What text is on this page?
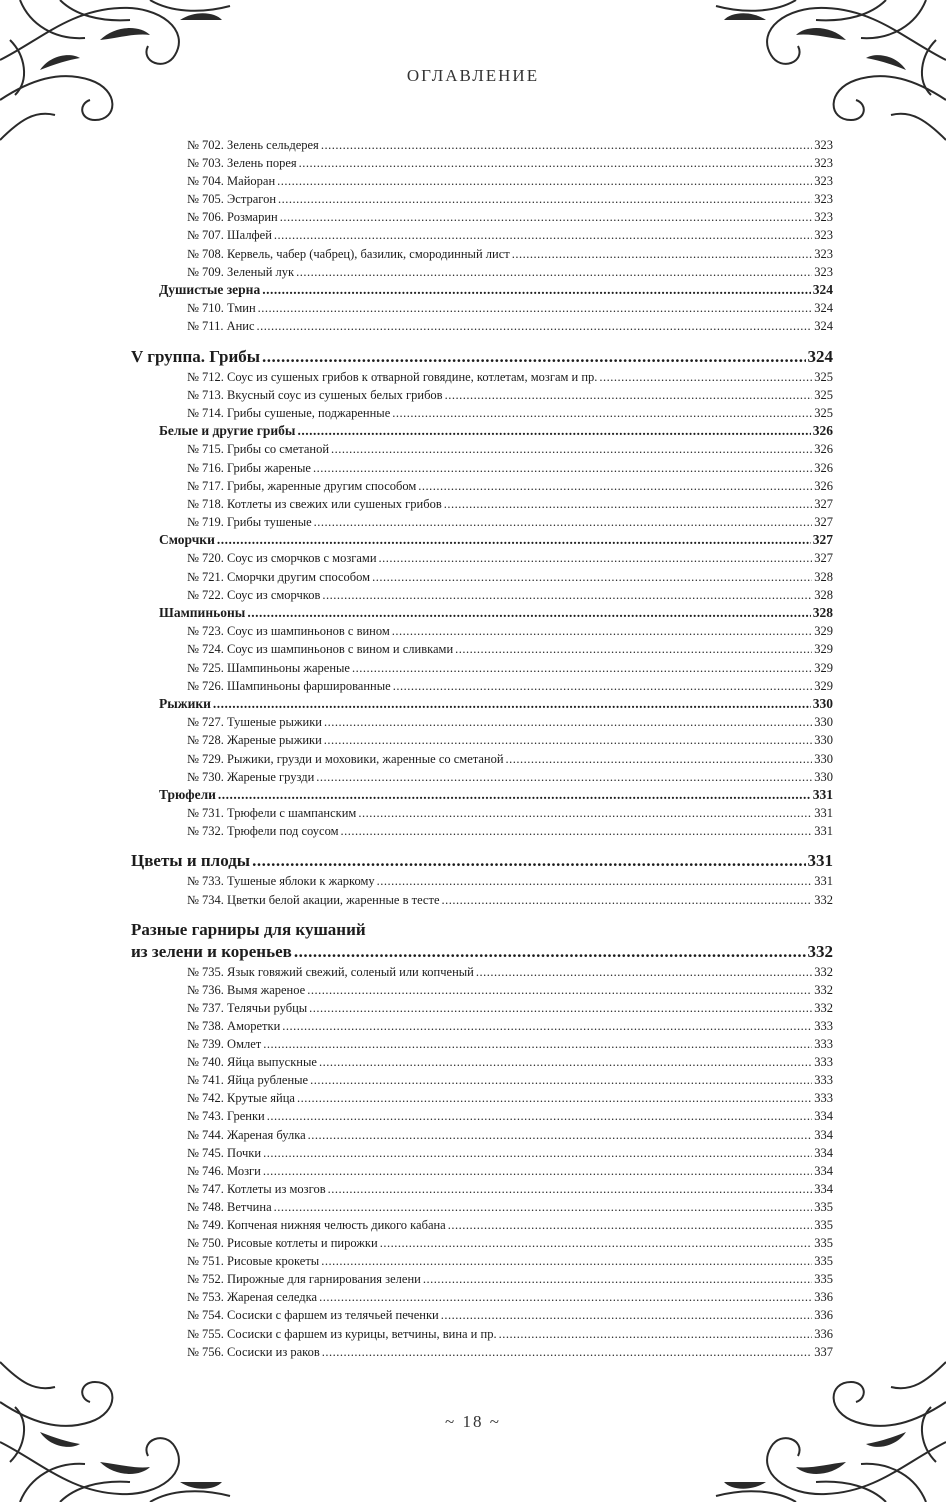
ОГЛАВЛЕНИЕ
№ 702. Зелень сельдерея .....	323
№ 703. Зелень порея .....	323
№ 704. Майоран .....	323
№ 705. Эстрагон .....	323
№ 706. Розмарин .....	323
№ 707. Шалфей .....	323
№ 708. Кервель, чабер (чабрец), базилик, смородинный лист .....	323
№ 709. Зеленый лук .....	323
Душистые зерна .....	324
№ 710. Тмин .....	324
№ 711. Анис .....	324
V группа. Грибы .....	324
№ 712. Соус из сушеных грибов к отварной говядине, котлетам, мозгам и пр. .....	325
№ 713. Вкусный соус из сушеных белых грибов .....	325
№ 714. Грибы сушеные, поджаренные .....	325
Белые и другие грибы .....	326
№ 715. Грибы со сметаной .....	326
№ 716. Грибы жареные .....	326
№ 717. Грибы, жаренные другим способом .....	326
№ 718. Котлеты из свежих или сушеных грибов .....	327
№ 719. Грибы тушеные .....	327
Сморчки .....	327
№ 720. Соус из сморчков с мозгами .....	327
№ 721. Сморчки другим способом .....	328
№ 722. Соус из сморчков .....	328
Шампиньоны .....	328
№ 723. Соус из шампиньонов с вином .....	329
№ 724. Соус из шампиньонов с вином и сливками .....	329
№ 725. Шампиньоны жареные .....	329
№ 726. Шампиньоны фаршированные .....	329
Рыжики .....	330
№ 727. Тушеные рыжики .....	330
№ 728. Жареные рыжики .....	330
№ 729. Рыжики, грузди и моховики, жаренные со сметаной .....	330
№ 730. Жареные грузди .....	330
Трюфели .....	331
№ 731. Трюфели с шампанским .....	331
№ 732. Трюфели под соусом .....	331
Цветы и плоды .....	331
№ 733. Тушеные яблоки к жаркому .....	331
№ 734. Цветки белой акации, жаренные в тесте .....	332
Разные гарниры для кушаний
из зелени и кореньев .....	332
№ 735. Язык говяжий свежий, соленый или копченый .....	332
№ 736. Вымя жареное .....	332
№ 737. Телячьи рубцы .....	332
№ 738. Аморетки .....	333
№ 739. Омлет .....	333
№ 740. Яйца выпускные .....	333
№ 741. Яйца рубленые .....	333
№ 742. Крутые яйца .....	333
№ 743. Гренки .....	334
№ 744. Жареная булка .....	334
№ 745. Почки .....	334
№ 746. Мозги .....	334
№ 747. Котлеты из мозгов .....	334
№ 748. Ветчина .....	335
№ 749. Копченая нижняя челюсть дикого кабана .....	335
№ 750. Рисовые котлеты и пирожки .....	335
№ 751. Рисовые крокеты .....	335
№ 752. Пирожные для гарнирования зелени .....	335
№ 753. Жареная селедка .....	336
№ 754. Сосиски с фаршем из телячьей печенки .....	336
№ 755. Сосиски с фаршем из курицы, ветчины, вина и пр. .....	336
№ 756. Сосиски из раков .....	337
~ 18 ~
